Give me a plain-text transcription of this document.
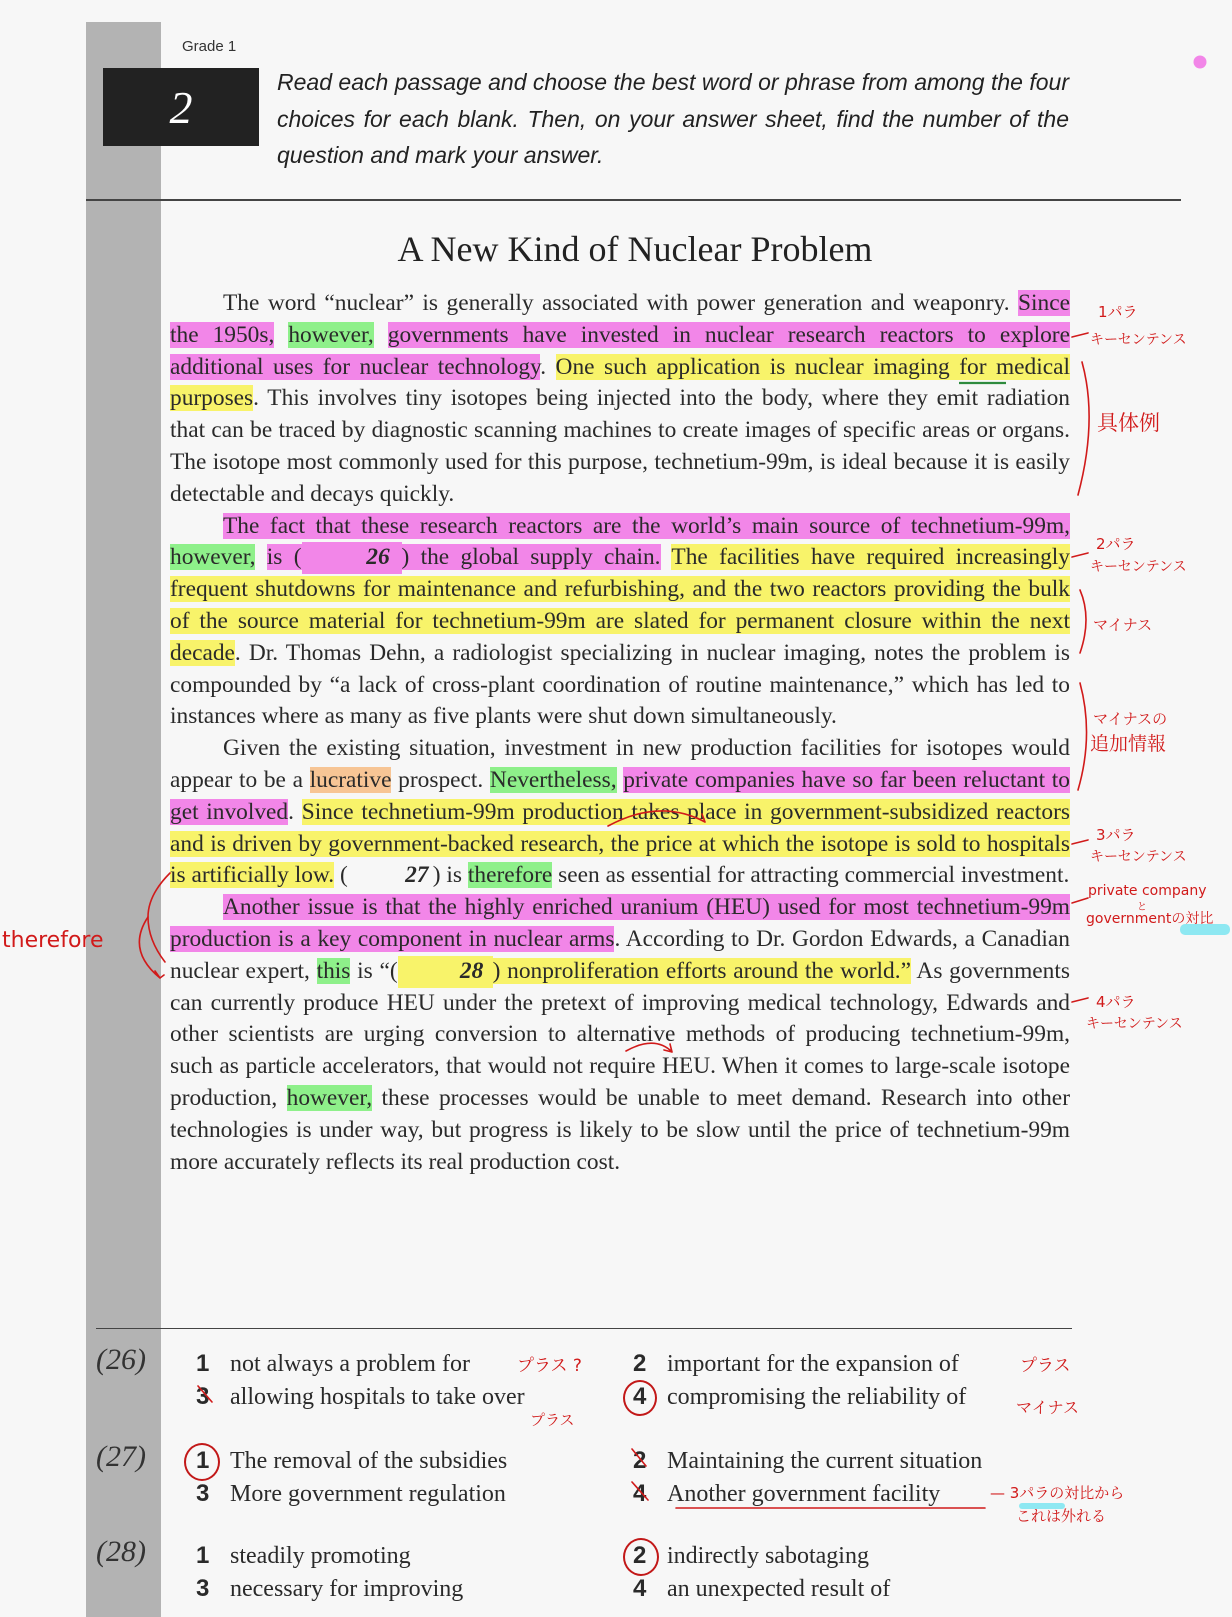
Grade 1
2	Read each passage and choose the best word or phrase from among the four choices for each blank. Then, on your answer sheet, find the number of the question and mark your answer.
A New Kind of Nuclear Problem

The word “nuclear” is generally associated with power generation and weaponry. Since the 1950s, however, governments have invested in nuclear research reactors to explore additional uses for nuclear technology. One such application is nuclear imaging for medical purposes. This involves tiny isotopes being injected into the body, where they emit radiation that can be traced by diagnostic scanning machines to create images of specific areas or organs. The isotope most commonly used for this purpose, technetium-99m, is ideal because it is easily detectable and decays quickly.

The fact that these research reactors are the world’s main source of technetium-99m, however, is (	26 ) the global supply chain. The facilities have required increasingly frequent shutdowns for maintenance and refurbishing, and the two reactors providing the bulk of the source material for technetium-99m are slated for permanent closure within the next decade. Dr. Thomas Dehn, a radiologist specializing in nuclear imaging, notes the problem is compounded by “a lack of cross-plant coordination of routine maintenance,” which has led to instances where as many as five plants were shut down simultaneously.

Given the existing situation, investment in new production facilities for isotopes would appear to be a lucrative prospect. Nevertheless, private companies have so far been reluctant to get involved. Since technetium-99m production takes place in government-subsidized reactors and is driven by government-backed research, the price at which the isotope is sold to hospitals is artificially low. ( 27 ) is therefore seen as essential for attracting commercial investment.

Another issue is that the highly enriched uranium (HEU) used for most technetium-99m production is a key component in nuclear arms. According to Dr. Gordon Edwards, a Canadian nuclear expert, this is “(	28 ) nonproliferation efforts around the world.” As governments can currently produce HEU under the pretext of improving medical technology, Edwards and other scientists are urging conversion to alternative methods of producing technetium-99m, such as particle accelerators, that would not require HEU. When it comes to large-scale isotope production, however, these processes would be unable to meet demand. Research into other technologies is under way, but progress is likely to be slow until the price of technetium-99m more accurately reflects its real production cost.

(26) 1 not always a problem for	2 important for the expansion of
3 allowing hospitals to take over	4 compromising the reliability of
(27) 1 The removal of the subsidies	2 Maintaining the current situation
3 More government regulation	4 Another government facility
(28) 1 steadily promoting	2 indirectly sabotaging
3 necessary for improving	4 an unexpected result of
1パラ
キーセンテンス
具体例
2パラ
キーセンテンス
マイナス
マイナスの
追加情報
3パラ
キーセンテンス
private company
と
governmentの対比
therefore
4パラ
キーセンテンス
プラス ?	プラス
プラス
マイナス
— 3パラの対比から
これは外れる
